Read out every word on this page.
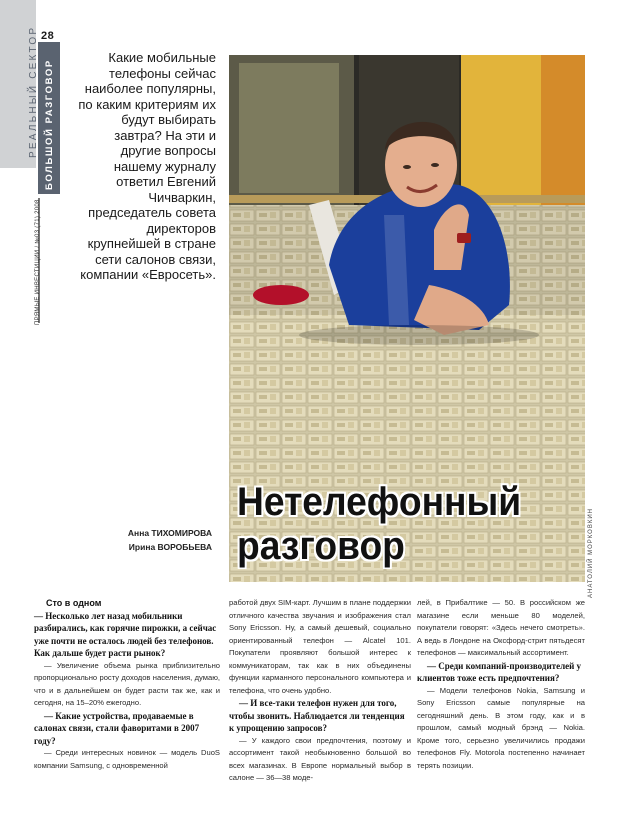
28
РЕАЛЬНЫЙ СЕКТОР БОЛЬШОЙ РАЗГОВОР
ПРЯМЫЕ ИНВЕСТИЦИИ / №03 (71) 2008
Какие мобильные телефоны сейчас наиболее популярны, по каким критериям их будут выбирать завтра? На эти и другие вопросы нашему журналу ответил Евгений Чичваркин, председатель совета директоров крупнейшей в стране сети салонов связи, компании «Евросеть».
АНАТОЛИЙ МОРКОВКИН
Нетелефонный
разговор
Анна ТИХОМИРОВА
Ирина ВОРОБЬЕВА
Сто в одном

— Несколько лет назад мобильники разбирались, как горячие пирожки, а сейчас уже почти не осталось людей без телефонов. Как дальше будет расти рынок?

— Увеличение объема рынка приблизительно пропорционально росту доходов населения, думаю, что и в дальнейшем он будет расти так же, как и сегодня, на 15–20% ежегодно.

— Какие устройства, продаваемые в салонах связи, стали фаворитами в 2007 году?

— Среди интересных новинок — модель DuoS компании Samsung, с одновременной

работой двух SIM-карт. Лучшим в плане поддержки отличного качества звучания и изображения стал Sony Ericsson. Ну, а самый дешевый, социально ориентированный телефон — Alcatel 101. Покупатели проявляют большой интерес к коммуникаторам, так как в них объединены функции карманного персонального компьютера и телефона, что очень удобно.

— И все-таки телефон нужен для того, чтобы звонить. Наблюдается ли тенденция к упрощению запросов?

— У каждого свои предпочтения, поэтому и ассортимент такой необыкновенно большой во всех магазинах. В Европе нормальный выбор в салоне — 36—38 моде-

лей, в Прибалтике — 50. В российском же магазине если меньше 80 моделей, покупатели говорят: «Здесь нечего смотреть». А ведь в Лондоне на Оксфорд-стрит пятьдесят телефонов — максимальный ассортимент.

— Среди компаний-производителей у клиентов тоже есть предпочтения?

— Модели телефонов Nokia, Samsung и Sony Ericsson самые популярные на сегодняшний день. В этом году, как и в прошлом, самый модный брэнд — Nokia. Кроме того, серьезно увеличились продажи телефонов Fly. Motorola постепенно начинает терять позиции.
